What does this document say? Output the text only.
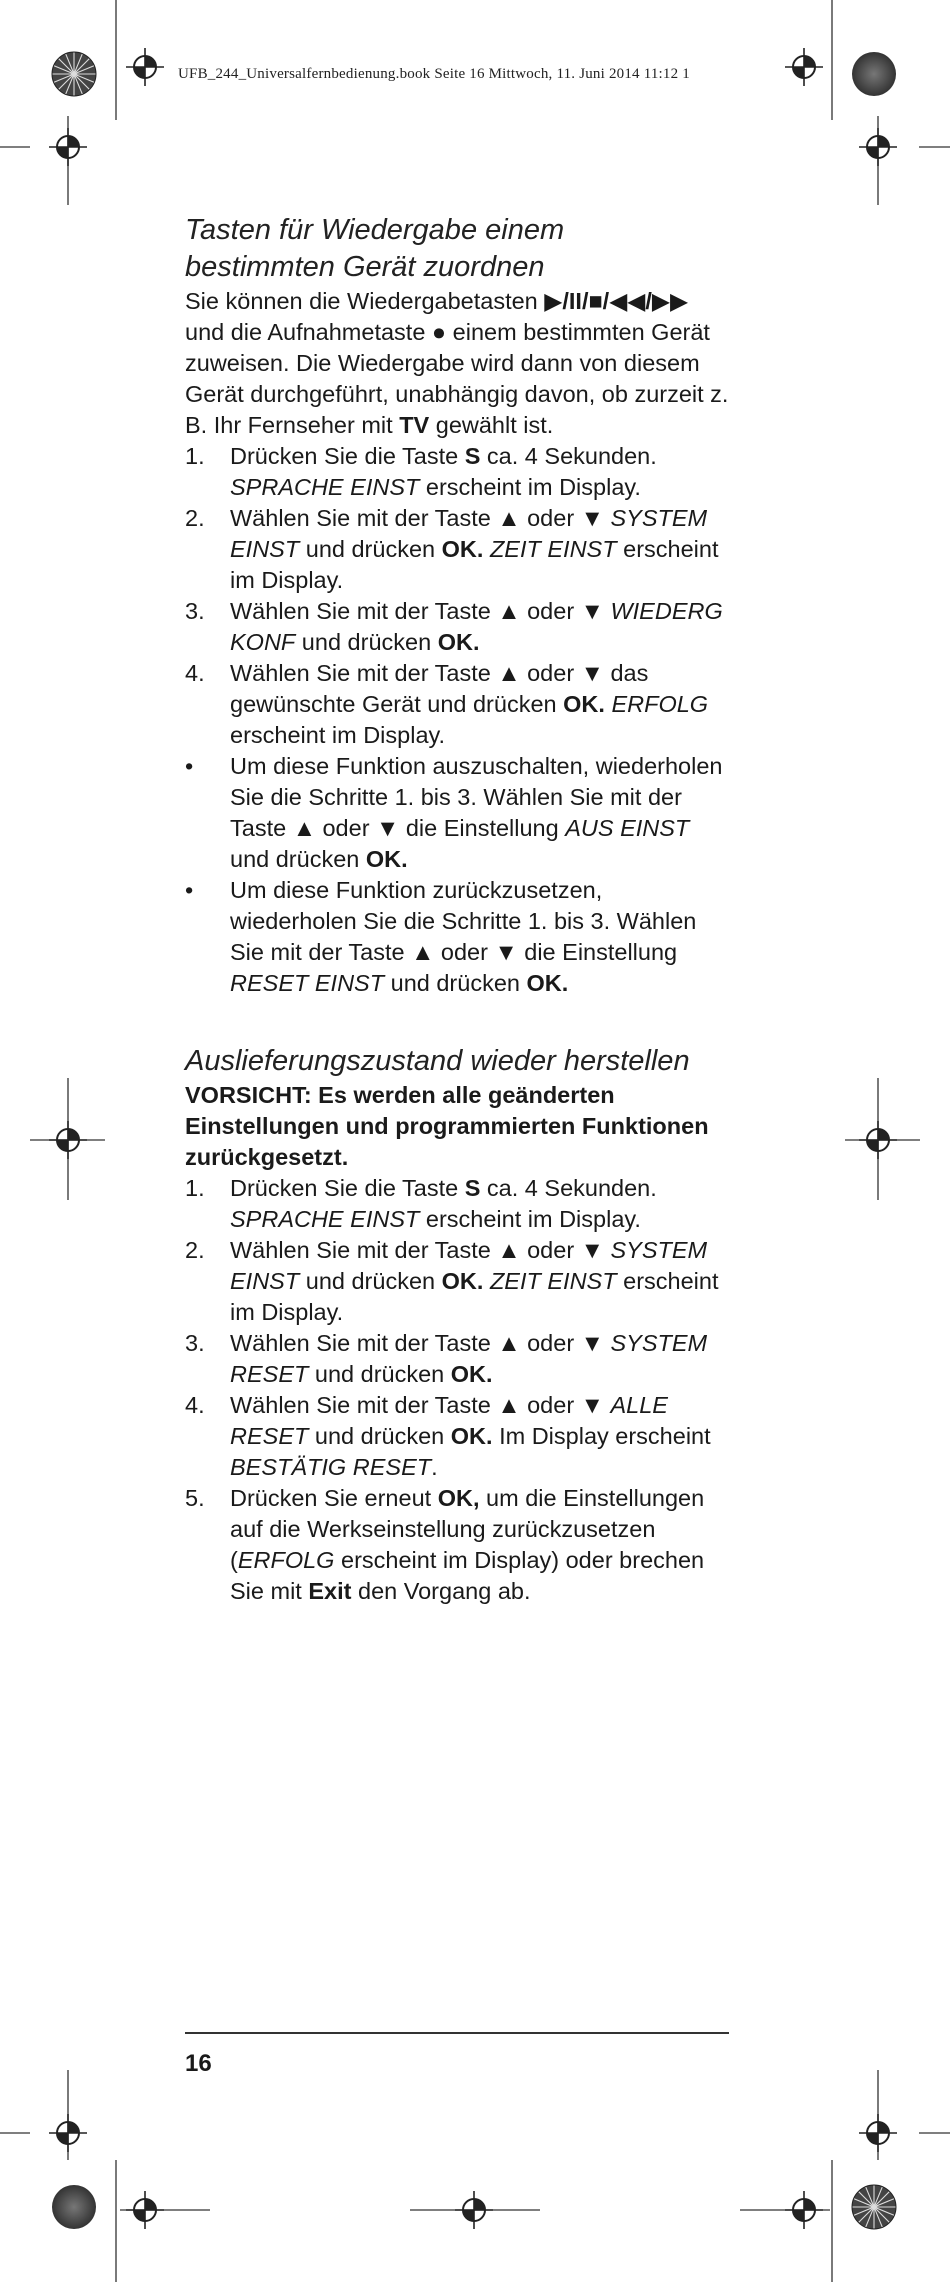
UFB_244_Universalfernbedienung.book Seite 16 Mittwoch, 11. Juni 2014 11:12 1
Tasten für Wiedergabe einem
bestimmten Gerät zuordnen

Sie können die Wiedergabetasten ▶/II/■/◀◀/▶▶ und die Aufnahmetaste ● einem bestimmten Gerät zuweisen. Die Wiedergabe wird dann von diesem Gerät durchgeführt, unabhängig davon, ob zurzeit z. B. Ihr Fernseher mit TV gewählt ist.

1. Drücken Sie die Taste S ca. 4 Sekunden. SPRACHE EINST erscheint im Display.
2. Wählen Sie mit der Taste ▲ oder ▼ SYSTEM EINST und drücken OK. ZEIT EINST erscheint im Display.
3. Wählen Sie mit der Taste ▲ oder ▼ WIEDERG KONF und drücken OK.
4. Wählen Sie mit der Taste ▲ oder ▼ das gewünschte Gerät und drücken OK. ERFOLG erscheint im Display.
• Um diese Funktion auszuschalten, wiederholen Sie die Schritte 1. bis 3. Wählen Sie mit der Taste ▲ oder ▼ die Einstellung AUS EINST und drücken OK.
• Um diese Funktion zurückzusetzen, wiederholen Sie die Schritte 1. bis 3. Wählen Sie mit der Taste ▲ oder ▼ die Einstellung RESET EINST und drücken OK.
Auslieferungszustand wieder herstellen

VORSICHT: Es werden alle geänderten Einstellungen und programmierten Funktionen zurückgesetzt.

1. Drücken Sie die Taste S ca. 4 Sekunden. SPRACHE EINST erscheint im Display.
2. Wählen Sie mit der Taste ▲ oder ▼ SYSTEM EINST und drücken OK. ZEIT EINST erscheint im Display.
3. Wählen Sie mit der Taste ▲ oder ▼ SYSTEM RESET und drücken OK.
4. Wählen Sie mit der Taste ▲ oder ▼ ALLE RESET und drücken OK. Im Display erscheint BESTÄTIG RESET.
5. Drücken Sie erneut OK, um die Einstellungen auf die Werkseinstellung zurückzusetzen (ERFOLG erscheint im Display) oder brechen Sie mit Exit den Vorgang ab.
16
